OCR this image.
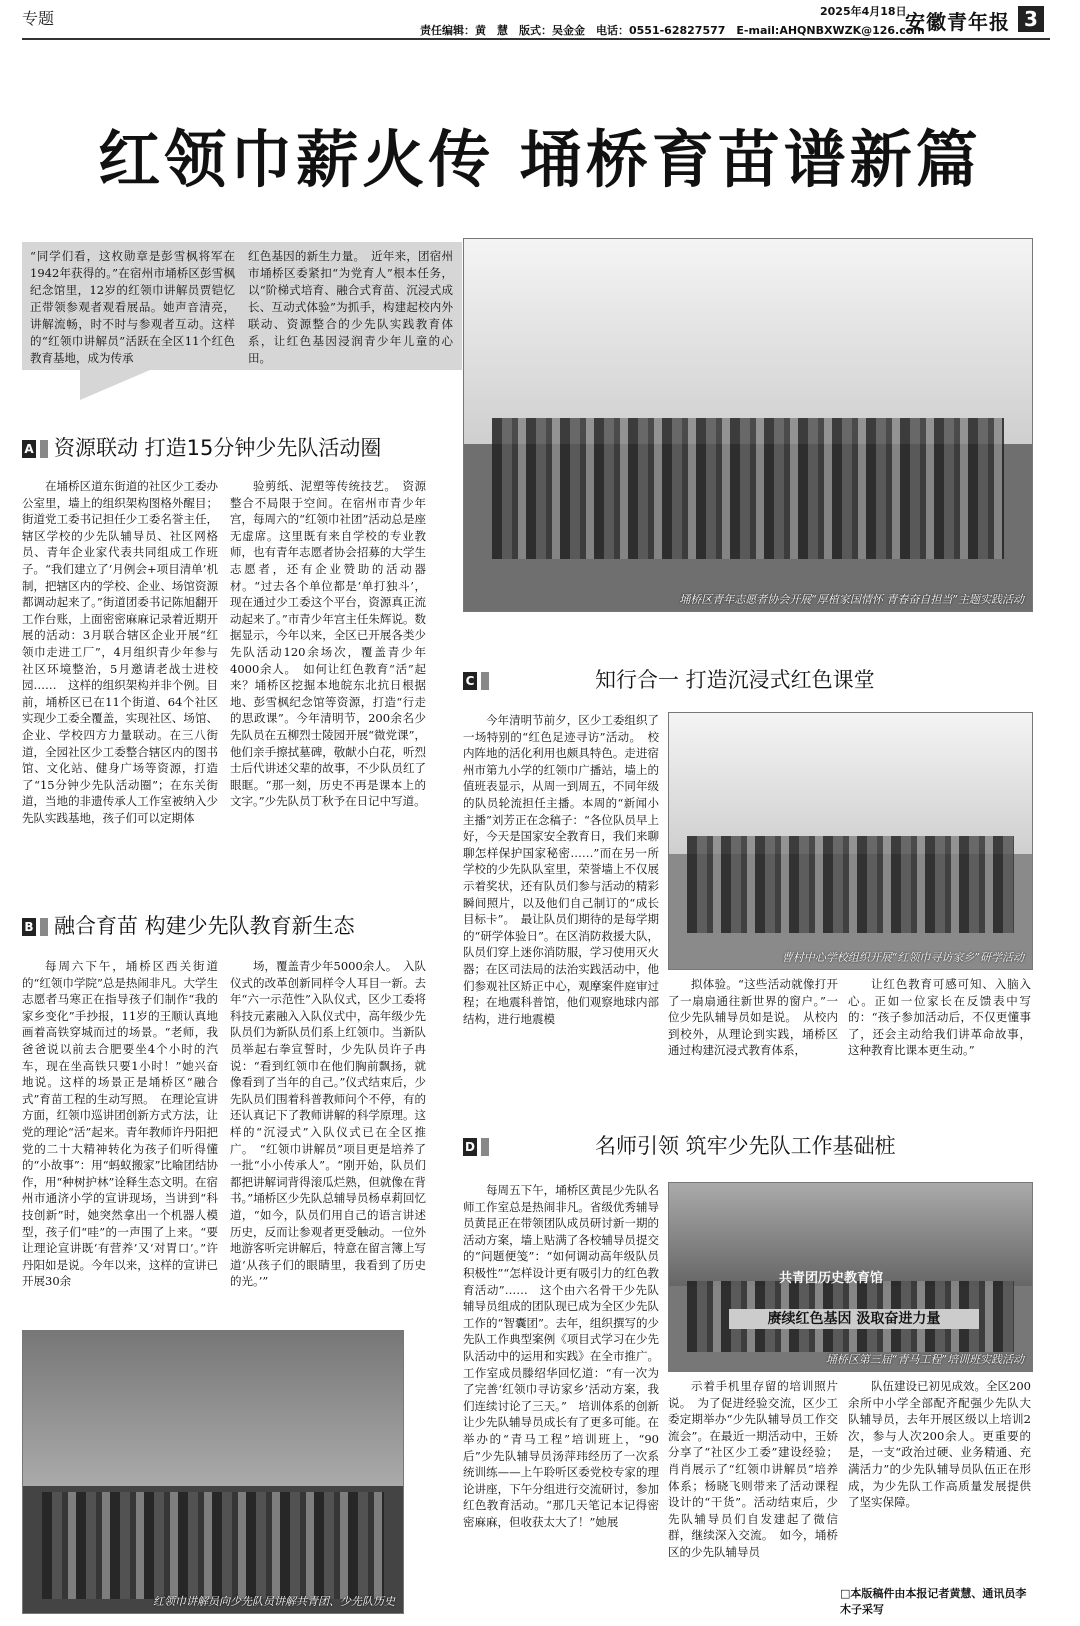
专题	2025年4月18日
责任编辑：黄　慧　版式：吴金金　电话：0551-62827577　E-mail:AHQNBXWZK@126.com
安徽青年报 3
红领巾薪火传 埇桥育苗谱新篇
“同学们看，这枚勋章是彭雪枫将军在1942年获得的。”在宿州市埇桥区彭雪枫纪念馆里，12岁的红领巾讲解员贾铠忆正带领参观者观看展品。她声音清亮，讲解流畅，时不时与参观者互动。这样的“红领巾讲解员”活跃在全区11个红色教育基地，成为传承
红色基因的新生力量。　近年来，团宿州市埇桥区委紧扣“为党育人”根本任务，以“阶梯式培育、融合式育苗、沉浸式成长、互动式体验”为抓手，构建起校内外联动、资源整合的少先队实践教育体系，让红色基因浸润青少年儿童的心田。
埇桥区青年志愿者协会开展“厚植家国情怀 青春奋自担当”主题实践活动
A 资源联动 打造15分钟少先队活动圈

在埇桥区道东街道的社区少工委办公室里，墙上的组织架构图格外醒目；街道党工委书记担任少工委名誉主任，辖区学校的少先队辅导员、社区网格员、青年企业家代表共同组成工作班子。“我们建立了‘月例会+项目清单’机制，把辖区内的学校、企业、场馆资源都调动起来了。”街道团委书记陈旭翻开工作台账，上面密密麻麻记录着近期开展的活动：3月联合辖区企业开展“红领巾走进工厂”，4月组织青少年参与社区环境整治，5月邀请老战士进校园……　这样的组织架构并非个例。目前，埇桥区已在11个街道、64个社区实现少工委全覆盖，实现社区、场馆、企业、学校四方力量联动。在三八街道，全园社区少工委整合辖区内的图书馆、文化站、健身广场等资源，打造了“15分钟少先队活动圈”；在东关街道，当地的非遗传承人工作室被纳入少先队实践基地，孩子们可以定期体

验剪纸、泥塑等传统技艺。　资源整合不局限于空间。在宿州市青少年宫，每周六的“红领巾社团”活动总是座无虚席。这里既有来自学校的专业教师，也有青年志愿者协会招募的大学生志愿者，还有企业赞助的活动器材。“过去各个单位都是‘单打独斗’，现在通过少工委这个平台，资源真正流动起来了。”市青少年宫主任朱辉说。数据显示，今年以来，全区已开展各类少先队活动120余场次，覆盖青少年4000余人。　如何让红色教育“活”起来？埇桥区挖掘本地皖东北抗日根据地、彭雪枫纪念馆等资源，打造“行走的思政课”。今年清明节，200余名少先队员在五柳烈士陵园开展“微党课”，他们亲手擦拭墓碑，敬献小白花，听烈士后代讲述父辈的故事，不少队员红了眼眶。“那一刻，历史不再是课本上的文字。”少先队员丁秋予在日记中写道。

B 融合育苗 构建少先队教育新生态

每周六下午，埇桥区西关街道的“红领巾学院”总是热闹非凡。大学生志愿者马寒正在指导孩子们制作“我的家乡变化”手抄报，11岁的王顺认真地画着高铁穿城而过的场景。“老师，我爸爸说以前去合肥要坐4个小时的汽车，现在坐高铁只要1小时！”她兴奋地说。这样的场景正是埇桥区“融合式”育苗工程的生动写照。　在理论宣讲方面，红领巾巡讲团创新方式方法，让党的理论“活”起来。青年教师许丹阳把党的二十大精神转化为孩子们听得懂的“小故事”：用“蚂蚁搬家”比喻团结协作，用“种树护林”诠释生态文明。在宿州市通济小学的宣讲现场，当讲到“科技创新”时，她突然拿出一个机器人模型，孩子们“哇”的一声围了上来。“要让理论宣讲既‘有营养’又‘对胃口’。”许丹阳如是说。今年以来，这样的宣讲已开展30余

场，覆盖青少年5000余人。　入队仪式的改革创新同样令人耳目一新。去年“六一示范性”入队仪式，区少工委将科技元素融入入队仪式中，高年级少先队员们为新队员们系上红领巾。当新队员举起右拳宣誓时，少先队员许子冉说：“看到红领巾在他们胸前飘扬，就像看到了当年的自己。”仪式结束后，少先队员们围着科普教师问个不停，有的还认真记下了教师讲解的科学原理。这样的“沉浸式”入队仪式已在全区推广。　“红领巾讲解员”项目更是培养了一批“小小传承人”。“刚开始，队员们都把讲解词背得滚瓜烂熟，但就像在背书。”埇桥区少先队总辅导员杨卓莉回忆道，“如今，队员们用自己的语言讲述历史，反而让参观者更受触动。一位外地游客听完讲解后，特意在留言簿上写道‘从孩子们的眼睛里，我看到了历史的光。’”

红领巾讲解员向少先队员讲解共青团、少先队历史
C	知行合一 打造沉浸式红色课堂

今年清明节前夕，区少工委组织了一场特别的“红色足迹寻访”活动。　校内阵地的活化利用也颇具特色。走进宿州市第九小学的红领巾广播站，墙上的值班表显示，从周一到周五，不同年级的队员轮流担任主播。本周的“新闻小主播”刘芳正在念稿子：“各位队员早上好，今天是国家安全教育日，我们来聊聊怎样保护国家秘密……”而在另一所学校的少先队队室里，荣誉墙上不仅展示着奖状，还有队员们参与活动的精彩瞬间照片，以及他们自己制订的“成长目标卡”。　最让队员们期待的是每学期的“研学体验日”。在区消防救援大队，队员们穿上迷你消防服，学习使用灭火器；在区司法局的法治实践活动中，他们参观社区矫正中心，观摩案件庭审过程；在地震科普馆，他们观察地球内部结构，进行地震模

曹村中心学校组织开展“红领巾寻访家乡”研学活动

拟体验。“这些活动就像打开了一扇扇通往新世界的窗户。”一位少先队辅导员如是说。　从校内到校外，从理论到实践，埇桥区通过构建沉浸式教育体系，

让红色教育可感可知、入脑入心。正如一位家长在反馈表中写的：“孩子参加活动后，不仅更懂事了，还会主动给我们讲革命故事，这种教育比课本更生动。”

D	名师引领 筑牢少先队工作基础桩

每周五下午，埇桥区黄昆少先队名师工作室总是热闹非凡。省级优秀辅导员黄昆正在带领团队成员研讨新一期的活动方案，墙上贴满了各校辅导员提交的“问题便笺”：“如何调动高年级队员积极性”“怎样设计更有吸引力的红色教育活动”……　这个由六名骨干少先队辅导员组成的团队现已成为全区少先队工作的“智囊团”。去年，组织撰写的少先队工作典型案例《项目式学习在少先队活动中的运用和实践》在全市推广。工作室成员滕绍华回忆道：“有一次为了完善‘红领巾寻访家乡’活动方案，我们连续讨论了三天。”　培训体系的创新让少先队辅导员成长有了更多可能。在举办的“青马工程”培训班上，“90后”少先队辅导员汤萍玮经历了一次系统训练——上午聆听区委党校专家的理论讲座，下午分组进行交流研讨，参加红色教育活动。“那几天笔记本记得密密麻麻，但收获太大了！”她展

共青团历史教育馆
赓续红色基因 汲取奋进力量
埇桥区第三届“青马工程”培训班实践活动

示着手机里存留的培训照片说。　为了促进经验交流，区少工委定期举办“少先队辅导员工作交流会”。在最近一期活动中，王娇分享了“社区少工委”建设经验；肖肖展示了“红领巾讲解员”培养体系；杨晓飞则带来了活动课程设计的“干货”。活动结束后，少先队辅导员们自发建起了微信群，继续深入交流。　如今，埇桥区的少先队辅导员

队伍建设已初见成效。全区200余所中小学全部配齐配强少先队大队辅导员，去年开展区级以上培训2次，参与人次200余人。更重要的是，一支“政治过硬、业务精通、充满活力”的少先队辅导员队伍正在形成，为少先队工作高质量发展提供了坚实保障。

□本版稿件由本报记者黄慧、通讯员李木子采写
